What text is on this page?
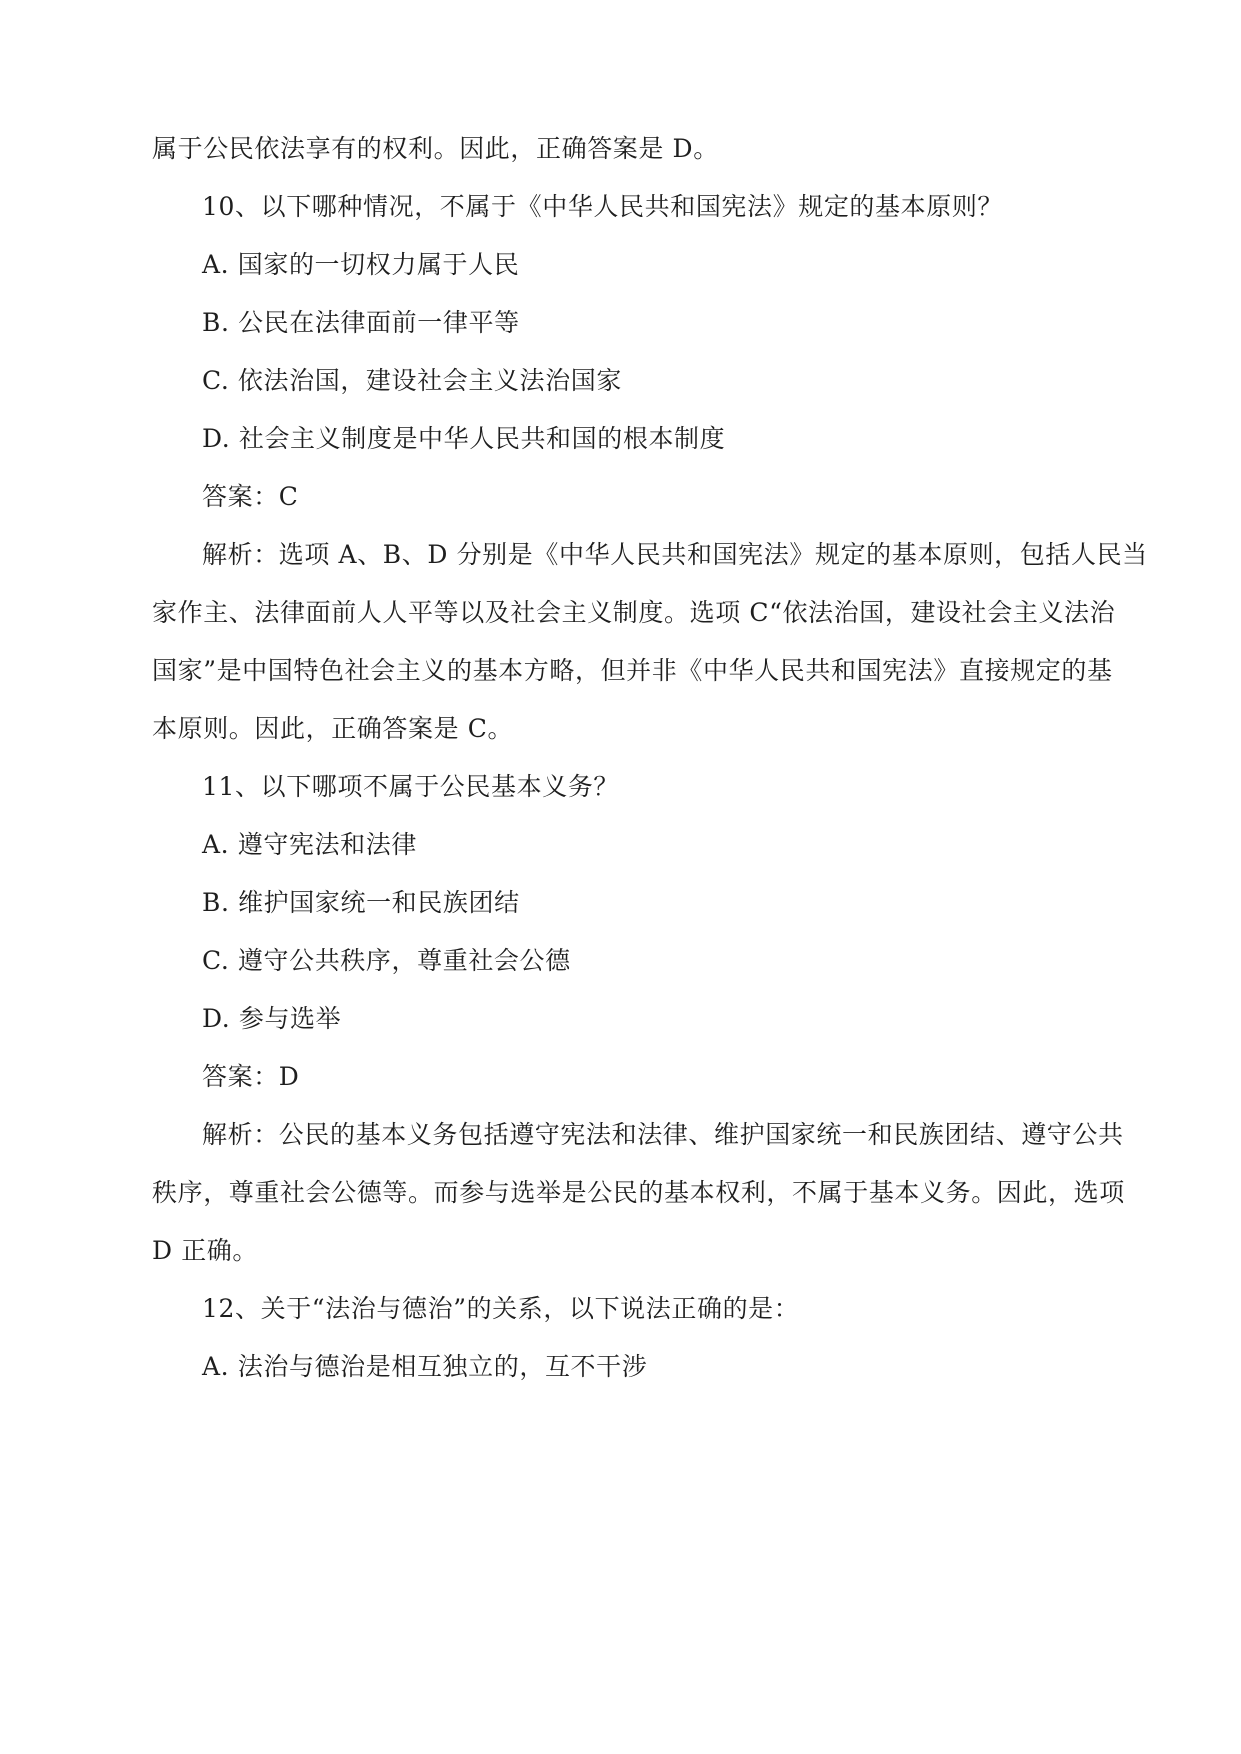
属于公民依法享有的权利。因此，正确答案是 D。
10、以下哪种情况，不属于《中华人民共和国宪法》规定的基本原则？
A. 国家的一切权力属于人民
B. 公民在法律面前一律平等
C. 依法治国，建设社会主义法治国家
D. 社会主义制度是中华人民共和国的根本制度
答案：C
解析：选项 A、B、D 分别是《中华人民共和国宪法》规定的基本原则，包括人民当
家作主、法律面前人人平等以及社会主义制度。选项 C“依法治国，建设社会主义法治
国家”是中国特色社会主义的基本方略，但并非《中华人民共和国宪法》直接规定的基
本原则。因此，正确答案是 C。
11、以下哪项不属于公民基本义务？
A. 遵守宪法和法律
B. 维护国家统一和民族团结
C. 遵守公共秩序，尊重社会公德
D. 参与选举
答案：D
解析：公民的基本义务包括遵守宪法和法律、维护国家统一和民族团结、遵守公共
秩序，尊重社会公德等。而参与选举是公民的基本权利，不属于基本义务。因此，选项
D 正确。
12、关于“法治与德治”的关系，以下说法正确的是：
A. 法治与德治是相互独立的，互不干涉
